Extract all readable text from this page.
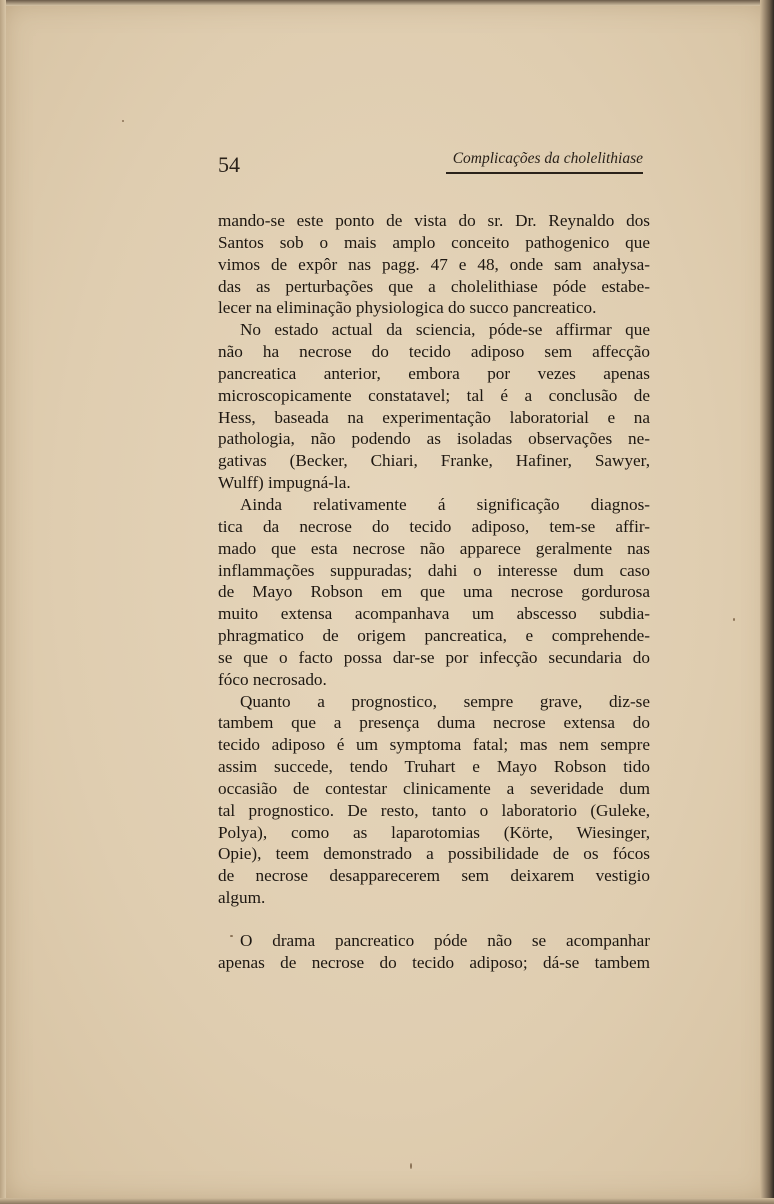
54	Complicações da cholelithiase
mando-se este ponto de vista do sr. Dr. Reynaldo dos
Santos sob o mais amplo conceito pathogenico que
vimos de expôr nas pagg. 47 e 48, onde sam analysa-
das as perturbações que a cholelithiase póde estabe-
lecer na eliminação physiologica do succo pancreatico.
No estado actual da sciencia, póde-se affirmar que
não ha necrose do tecido adiposo sem affecção
pancreatica anterior, embora por vezes apenas
microscopicamente constatavel; tal é a conclusão de
Hess, baseada na experimentação laboratorial e na
pathologia, não podendo as isoladas observações ne-
gativas (Becker, Chiari, Franke, Hafiner, Sawyer,
Wulff) impugná-la.
Ainda relativamente á significação diagnos-
tica da necrose do tecido adiposo, tem-se affir-
mado que esta necrose não apparece geralmente nas
inflammações suppuradas; dahi o interesse dum caso
de Mayo Robson em que uma necrose gordurosa
muito extensa acompanhava um abscesso subdia-
phragmatico de origem pancreatica, e comprehende-
se que o facto possa dar-se por infecção secundaria do
fóco necrosado.
Quanto a prognostico, sempre grave, diz-se
tambem que a presença duma necrose extensa do
tecido adiposo é um symptoma fatal; mas nem sempre
assim succede, tendo Truhart e Mayo Robson tido
occasião de contestar clinicamente a severidade dum
tal prognostico. De resto, tanto o laboratorio (Guleke,
Polya), como as laparotomias (Körte, Wiesinger,
Opie), teem demonstrado a possibilidade de os fócos
de necrose desapparecerem sem deixarem vestigio
algum.
O drama pancreatico póde não se acompanhar
apenas de necrose do tecido adiposo; dá-se tambem
